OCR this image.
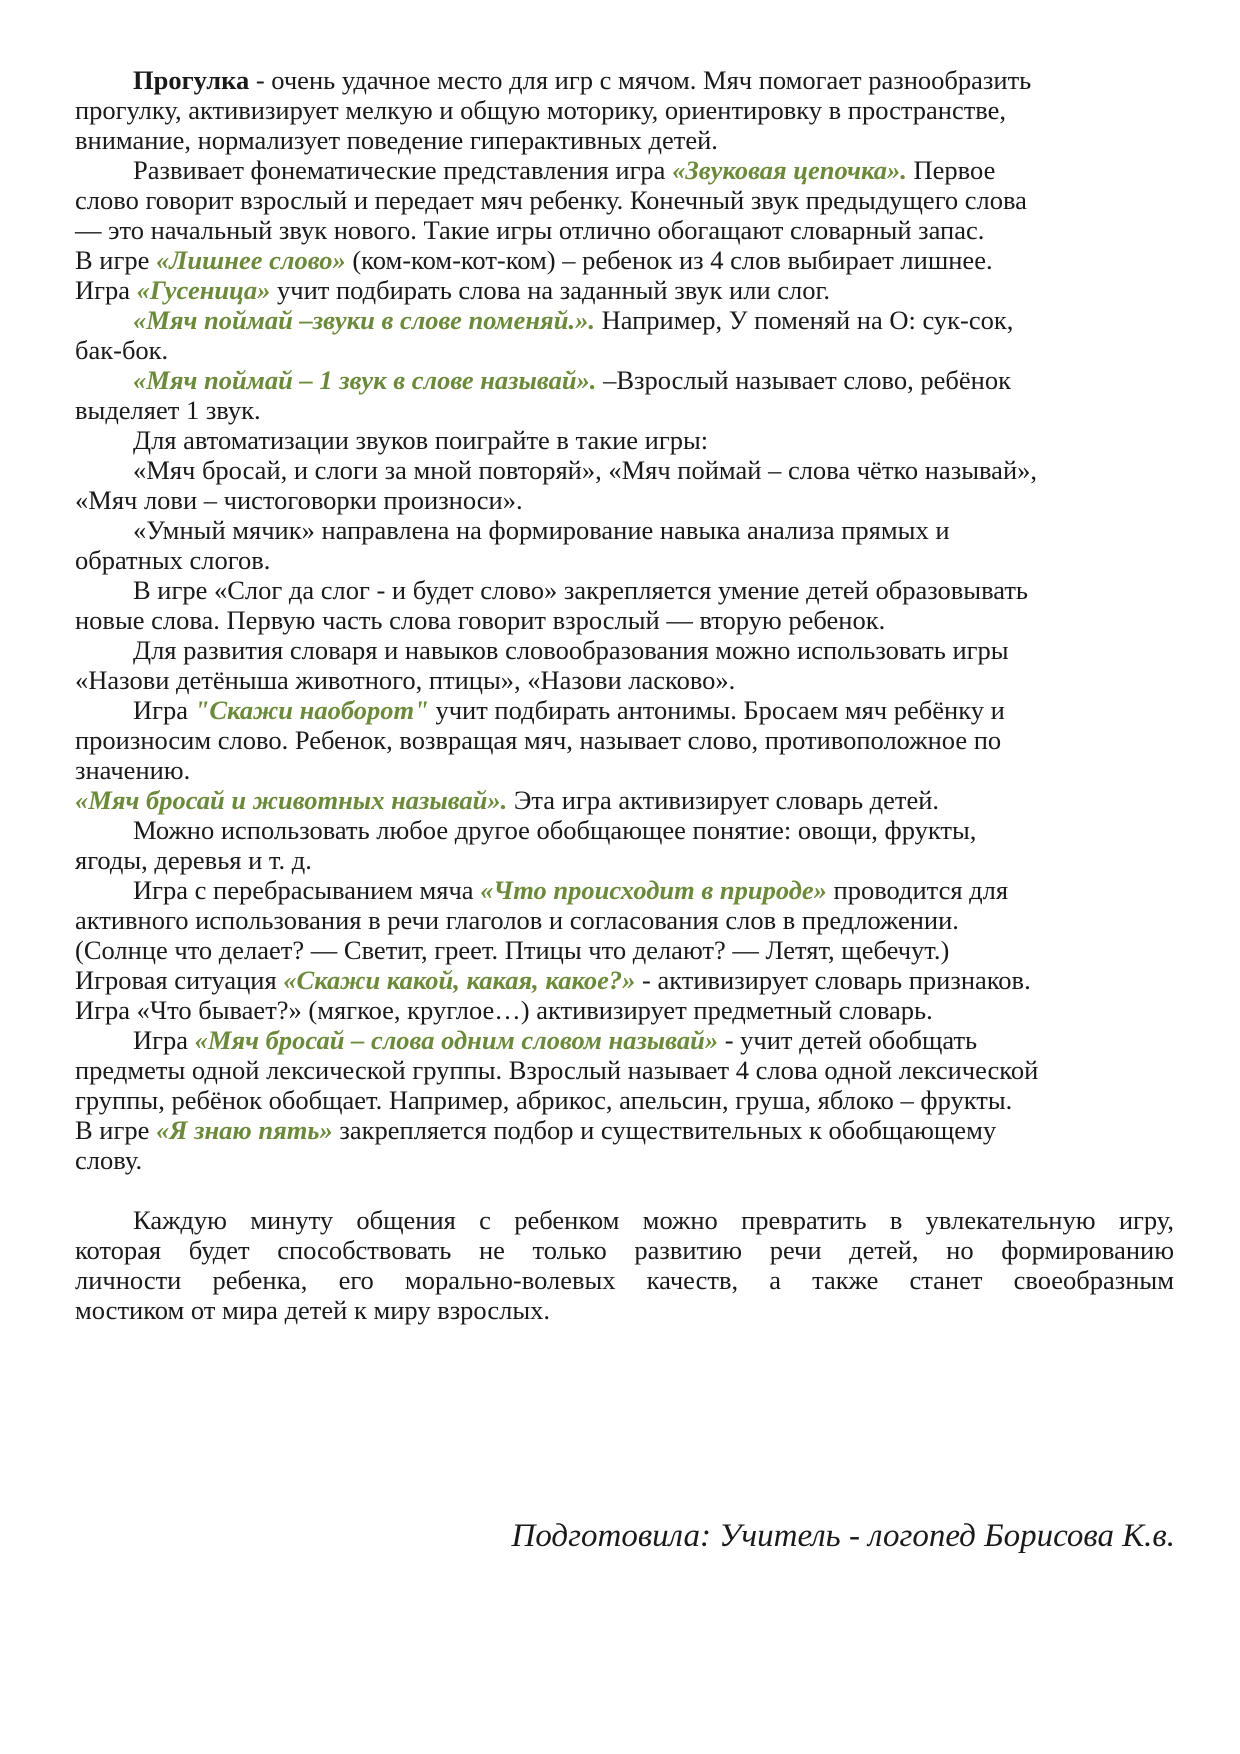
Прогулка - очень удачное место для игр с мячом. Мяч помогает разнообразить
прогулку, активизирует мелкую и общую моторику, ориентировку в пространстве,
внимание, нормализует поведение гиперактивных детей.
Развивает фонематические представления игра «Звуковая цепочка». Первое
слово говорит взрослый и передает мяч ребенку. Конечный звук предыдущего слова
— это начальный звук нового. Такие игры отлично обогащают словарный запас.
В игре «Лишнее слово» (ком-ком-кот-ком) – ребенок из 4 слов выбирает лишнее.
Игра «Гусеница» учит подбирать слова на заданный звук или слог.
«Мяч поймай –звуки в слове поменяй.». Например, У поменяй на О: сук-сок,
бак-бок.
«Мяч поймай – 1 звук в слове называй». –Взрослый называет слово, ребёнок
выделяет 1 звук.
Для автоматизации звуков поиграйте в такие игры:
«Мяч бросай, и слоги за мной повторяй», «Мяч поймай – слова чётко называй»,
«Мяч лови – чистоговорки произноси».
«Умный мячик» направлена на формирование навыка анализа прямых и
обратных слогов.
В игре «Слог да слог - и будет слово» закрепляется умение детей образовывать
новые слова. Первую часть слова говорит взрослый — вторую ребенок.
Для развития словаря и навыков словообразования можно использовать игры
«Назови детёныша животного, птицы», «Назови ласково».
Игра "Скажи наоборот" учит подбирать антонимы. Бросаем мяч ребёнку и
произносим слово. Ребенок, возвращая мяч, называет слово, противоположное по
значению.
«Мяч бросай и животных называй». Эта игра активизирует словарь детей.
Можно использовать любое другое обобщающее понятие: овощи, фрукты,
ягоды, деревья и т. д.
Игра с перебрасыванием мяча «Что происходит в природе» проводится для
активного использования в речи глаголов и согласования слов в предложении.
(Солнце что делает? — Светит, греет. Птицы что делают? — Летят, щебечут.)
Игровая ситуация «Скажи какой, какая, какое?» - активизирует словарь признаков.
Игра «Что бывает?» (мягкое, круглое…) активизирует предметный словарь.
Игра «Мяч бросай – слова одним словом называй» - учит детей обобщать
предметы одной лексической группы. Взрослый называет 4 слова одной лексической
группы, ребёнок обобщает. Например, абрикос, апельсин, груша, яблоко – фрукты.
В игре «Я знаю пять» закрепляется подбор и существительных к обобщающему
слову.
Каждую минуту общения с ребенком можно превратить в увлекательную игру,
которая будет способствовать не только развитию речи детей, но формированию
личности ребенка, его морально-волевых качеств, а также станет своеобразным
мостиком от мира детей к миру взрослых.
Подготовила: Учитель - логопед Борисова К.в.
